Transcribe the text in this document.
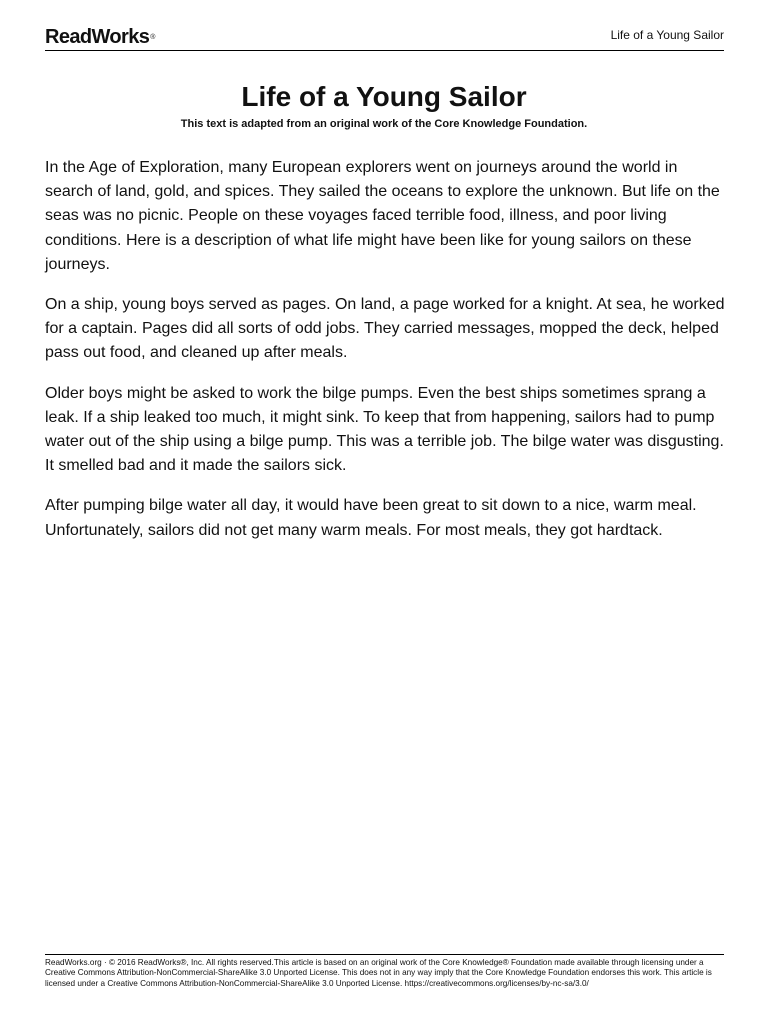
ReadWorks®	Life of a Young Sailor
Life of a Young Sailor
This text is adapted from an original work of the Core Knowledge Foundation.

In the Age of Exploration, many European explorers went on journeys around the world in search of land, gold, and spices. They sailed the oceans to explore the unknown. But life on the seas was no picnic. People on these voyages faced terrible food, illness, and poor living conditions. Here is a description of what life might have been like for young sailors on these journeys.

On a ship, young boys served as pages. On land, a page worked for a knight. At sea, he worked for a captain. Pages did all sorts of odd jobs. They carried messages, mopped the deck, helped pass out food, and cleaned up after meals.

Older boys might be asked to work the bilge pumps. Even the best ships sometimes sprang a leak. If a ship leaked too much, it might sink. To keep that from happening, sailors had to pump water out of the ship using a bilge pump. This was a terrible job. The bilge water was disgusting. It smelled bad and it made the sailors sick.

After pumping bilge water all day, it would have been great to sit down to a nice, warm meal. Unfortunately, sailors did not get many warm meals. For most meals, they got hardtack.

ReadWorks.org · © 2016 ReadWorks®, Inc. All rights reserved.This article is based on an original work of the Core Knowledge® Foundation made available through licensing under a Creative Commons Attribution-NonCommercial-ShareAlike 3.0 Unported License. This does not in any way imply that the Core Knowledge Foundation endorses this work. This article is licensed under a Creative Commons Attribution-NonCommercial-ShareAlike 3.0 Unported License. https://creativecommons.org/licenses/by-nc-sa/3.0/
